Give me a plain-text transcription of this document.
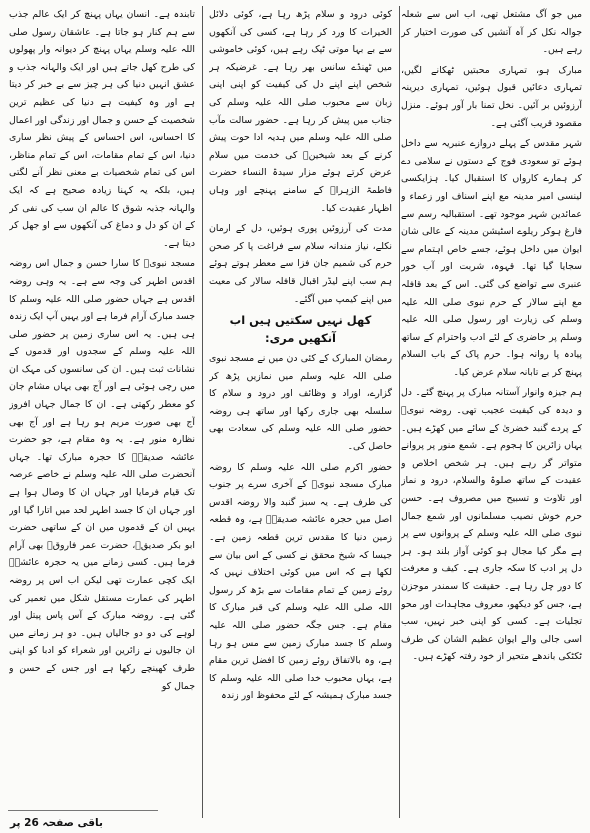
میں جو آگ مشتعل تھی، اب اس سے شعلہ جوالہ نکل کر آہ آتشیں کی صورت اختیار کر رہے ہیں۔

مبارک ہو، تمہاری محبتیں ٹھکانے لگیں، تمہاری دعائیں قبول ہوئیں، تمہاری دیرینہ آرزوئیں بر آئیں۔ نخل تمنا بار آور ہوئے۔ منزل مقصود قریب آگئی ہے۔

شہر مقدس کے پہلے دروازے عنبریہ سے داخل ہوئے تو سعودی فوج کے دستوں نے سلامی دے کر ہمارے کارواں کا استقبال کیا۔ ہزایکسی لینسی امیر مدینہ مع اپنے اسناف اور زعماء و عمائدین شہر موجود تھے۔ استقبالیہ رسم سے فارغ ہوکر ریلوے اسٹیشن مدینہ کے عالی شان ایوان میں داخل ہوئے، جسے خاص اہتمام سے سجایا گیا تھا۔ قہوہ، شربت اور آب خور عنبری سے تواضع کی گئی۔ اس کے بعد قافلہ مع اپنے سالار کے حرم نبوی صلی اللہ علیہ وسلم کی زیارت اور رسول صلی اللہ علیہ وسلم پر حاضری کے لئے ادب واحترام کے ساتھ پیادہ پا روانہ ہوا۔ حرم پاک کے باب السلام پہنچ کر بے تابانہ سلام عرض کیا۔

ہم جیزہ وانوار آستانہ مبارک پر پہنچ گئے۔ دل و دیدہ کی کیفیت عجیب تھی۔ روضہ نبویؐ کے پردے گنبد خضریٰ کے سائے میں کھڑے ہیں۔ یہاں زائرین کا ہجوم ہے۔ شمع منور پر پروانے متواتر گر رہے ہیں۔ ہر شخص اخلاص و عقیدت کے ساتھ صلوۃ والسلام، درود و نماز اور تلاوت و تسبیح میں مصروف ہے۔ حسن حرم خوش نصیب مسلمانوں اور شمع جمال نبوی صلی اللہ علیہ وسلم کے پروانوں سے پر ہے مگر کیا مجال ہو کوئی آواز بلند ہو۔ ہر دل پر ادب کا سکہ جاری ہے۔ کیف و معرفت کا دور چل رہا ہے۔ حقیقت کا سمندر موجزن ہے، جس کو دیکھو، معروف مجاہدات اور محو تجلیات ہے۔ کسی کو اپنی خبر نہیں، سب اسی جالی والے ایوان عظیم الشان کی طرف ٹکٹکی باندھے متحیر از خود رفتہ کھڑے ہیں۔

کوئی درود و سلام پڑھ رہا ہے، کوئی دلائل الخیرات کا ورد کر رہا ہے، کسی کی آنکھوں سے بے بہا موتی ٹپک رہے ہیں، کوئی خاموشی میں ٹھنڈے سانس بھر رہا ہے۔ غرضیکہ ہر شخص اپنے اپنے دل کی کیفیت کو اپنی اپنی زبان سے محبوب صلی اللہ علیہ وسلم کی جناب میں پیش کر رہا ہے۔ حضور سالت مآب صلی اللہ علیہ وسلم میں ہدیہ ادا حوت پیش کرنے کے بعد شیخینؓ کی خدمت میں سلام عرض کرتے ہوئے مزار سیدۃ النساء حضرت فاطمۃ الزہراؓ کے سامنے پہنچے اور وہاں اظہار عقیدت کیا۔

مدت کی آرزوئیں پوری ہوئیں، دل کے ارمان نکلے، نیاز مندانہ سلام سے فراغت پا کر صحن حرم کی شمیم جان فزا سے معطر ہوتے ہوئے ہم سب اپنے لیڈر اقبال قافلہ سالار کی معیت میں اپنے کیمپ میں آگئے۔

کھل نہیں سکتیں ہیں اب آنکھیں مری:

رمضان المبارک کے کئی دن میں نے مسجد نبوی صلی اللہ علیہ وسلم میں نمازیں پڑھ کر گزارے، اوراد و وظائف اور درود و سلام کا سلسلہ بھی جاری رکھا اور ساتھ ہی روضہ حضور صلی اللہ علیہ وسلم کی سعادت بھی حاصل کی۔

حضور اکرم صلی اللہ علیہ وسلم کا روضہ مبارک مسجد نبویؐ کے آخری سرے پر جنوب کی طرف ہے۔ یہ سبز گنبد والا روضہ اقدس اصل میں حجرہ عائشہ صدیقہؓ ہے، وہ قطعہ زمین دنیا کا مقدس ترین قطعہ زمین ہے۔ جیسا کہ شیخ محقق نے کسی کے اس بیان سے لکھا ہے کہ اس میں کوئی اختلاف نہیں کہ روئے زمین کے تمام مقامات سے بڑھ کر رسول اللہ صلی اللہ علیہ وسلم کی قبر مبارک کا مقام ہے۔ جس جگہ حضور صلی اللہ علیہ وسلم کا جسد مبارک زمین سے مس ہو رہا ہے، وہ بالاتفاق روئے زمین کا افضل ترین مقام ہے، یہاں محبوب خدا صلی اللہ علیہ وسلم کا جسد مبارک ہمیشہ کے لئے محفوظ اور زندہ

تابندہ ہے۔ انسان یہاں پہنچ کر ایک عالم جذب سے ہم کنار ہو جاتا ہے۔ عاشقان رسول صلی اللہ علیہ وسلم یہاں پہنچ کر دیوانہ وار پھولوں کی طرح کھل جاتے ہیں اور ایک والہانہ جذب و عشق انہیں دنیا کی ہر چیز سے بے خبر کر دیتا ہے اور وہ کیفیت ہے دنیا کی عظیم ترین شخصیت کے حسن و جمال اور زندگی اور اعمال کا احساس، اس احساس کے پیش نظر ساری دنیا، اس کے تمام مقامات، اس کے تمام مناظر، اس کی تمام شخصیات بے معنی نظر آنے لگتی ہیں، بلکہ یہ کہنا زیادہ صحیح ہے کہ ایک والہانہ جذبہ شوق کا عالم ان سب کی نفی کر کے ان کو دل و دماغ کی آنکھوں سے او جھل کر دیتا ہے۔

مسجد نبویؐ کا سارا حسن و جمال اس روضہ اقدس اطہر کی وجہ سے ہے۔ یہ وہی روضہ اقدس ہے جہاں حضور صلی اللہ علیہ وسلم کا جسد مبارک آرام فرما ہے اور یہیں آپ ایک زندہ ہی ہیں۔ یہ اس ساری زمین پر حضور صلی اللہ علیہ وسلم کے سجدوں اور قدموں کے نشانات ثبت ہیں۔ ان کی سانسوں کی مہک ان میں رچی ہوئی ہے اور آج بھی یہاں مشام جان کو معطر رکھتی ہے۔ ان کا جمال جہاں افروز آج بھی صورت مریم ہو رہا ہے اور آج بھی نظارہ منور ہے۔ یہ وہ مقام ہے، جو حضرت عائشہ صدیقہؓ کا حجرہ مبارک تھا۔ جہاں آنحضرت صلی اللہ علیہ وسلم نے خاصے عرصہ تک قیام فرمایا اور جہاں ان کا وصال ہوا ہے اور جہاں ان کا جسد اطہر لحد میں اتارا گیا اور یہیں ان کے قدموں میں ان کے ساتھی حضرت ابو بکر صدیقؓ، حضرت عمر فاروقؓ بھی آرام فرما ہیں۔ کسی زمانے میں یہ حجرہ عائشہؓ ایک کچی عمارت تھی لیکن اب اس پر روضہ اطہر کی عمارت مستقل شکل میں تعمیر کی گئی ہے۔ روضہ مبارک کے آس پاس پیتل اور لوہے کی دو دو جالیاں ہیں۔ دو ہر زمانے میں ان جالیوں نے زائرین اور شعراء کو ادبا کو اپنی طرف کھینچے رکھا ہے اور جس کے حسن و جمال کو

باقی صفحہ 26 پر
